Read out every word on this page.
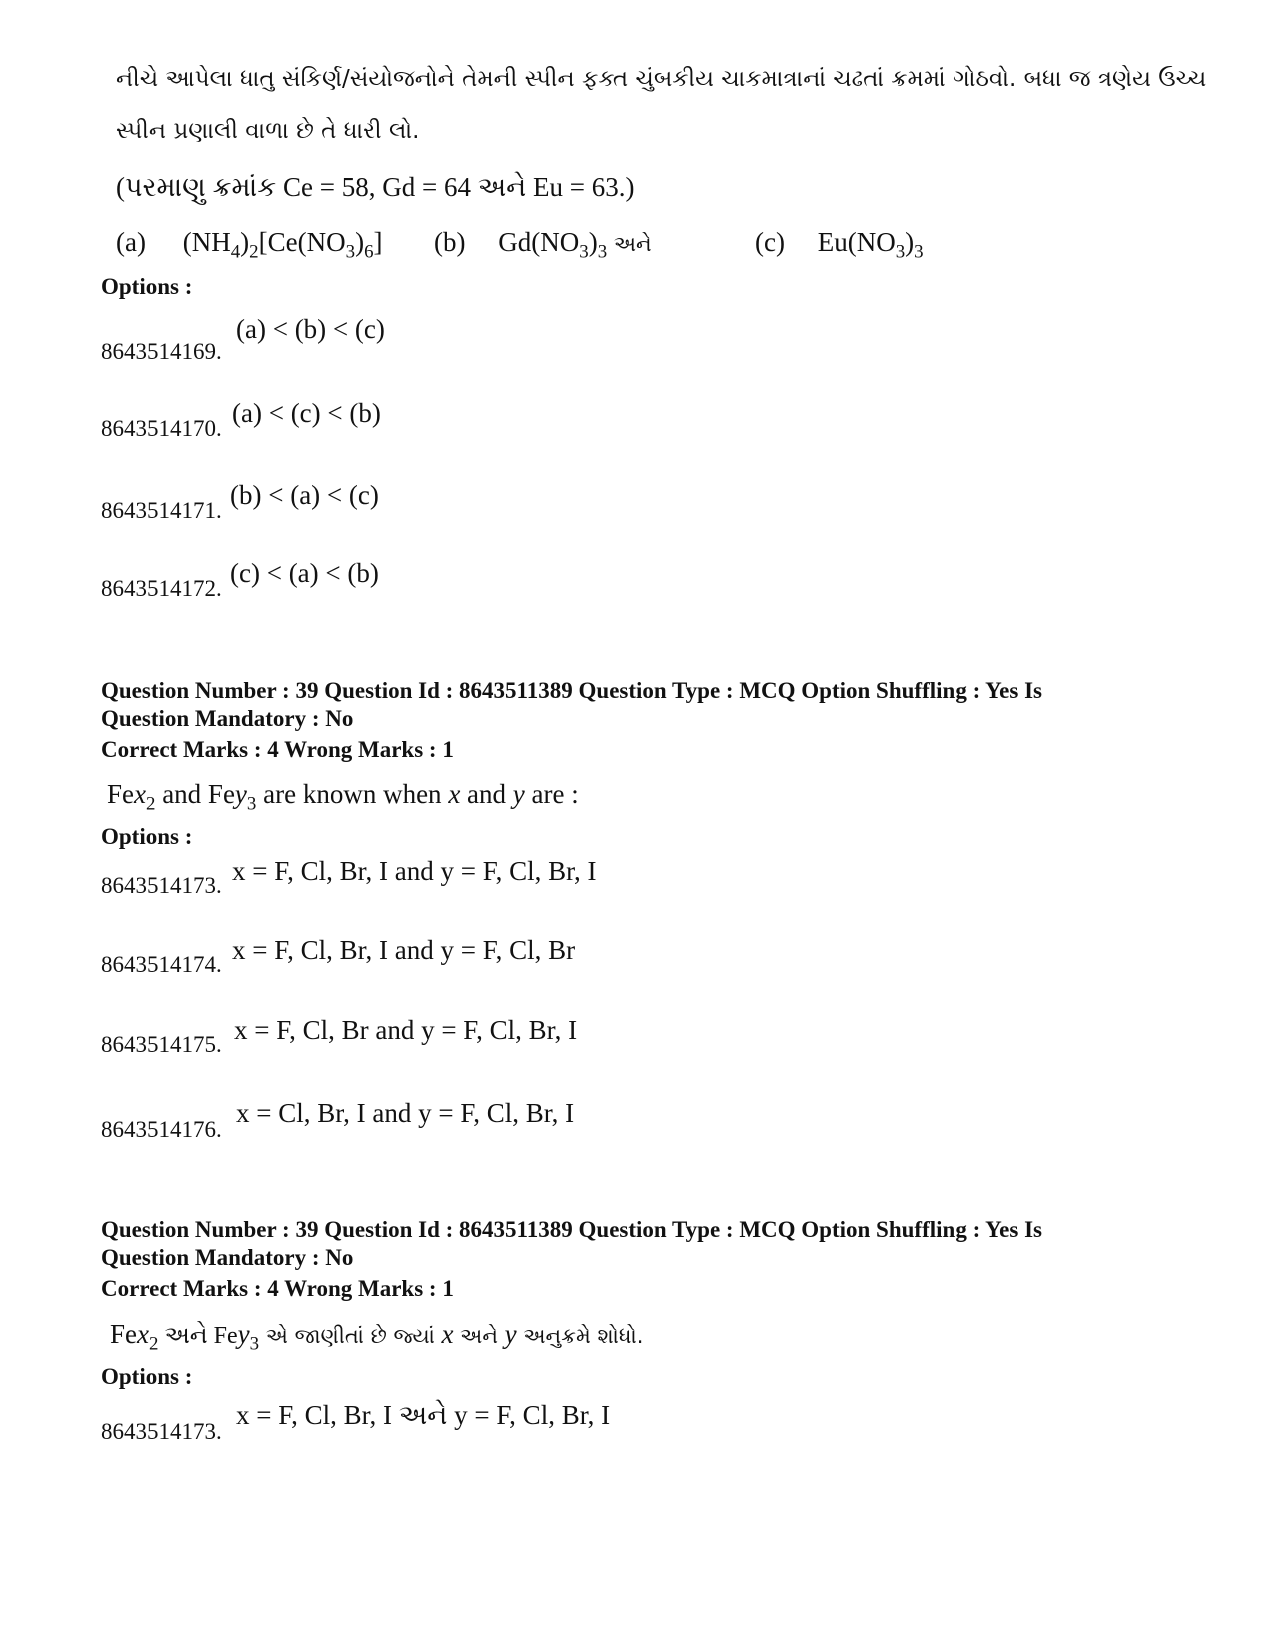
નીચે આપેલા ધાતુ સંકિર્ણ/સંયોજનોને તેમની સ્પીન ફક્ત ચુંબકીય ચાકમાત્રાનાં ચઢતાં ક્રમમાં ગોઠવો. બધા જ ત્રણેય ઉચ્ચ
સ્પીન પ્રણાલી વાળા છે તે ધારી લો.
(પરમાણુ ક્રમાંક Ce = 58, Gd = 64 અને Eu = 63.)
(a) $(NH_4)_2[Ce(NO_3)_6]$ (b) $Gd(NO_3)_3$ અને	(c) $Eu(NO_3)_3$
Options :
8643514169.
(a) < (b) < (c)
8643514170.
(a) < (c) < (b)
8643514171.
(b) < (a) < (c)
8643514172.
(c) < (a) < (b)
Question Number : 39 Question Id : 8643511389 Question Type : MCQ Option Shuffling : Yes Is
Question Mandatory : No
Correct Marks : 4 Wrong Marks : 1
Fex$_2$ and Fey$_3$ are known when x and y are :
Options :
8643514173. x = F, Cl, Br, I and y = F, Cl, Br, I
8643514174. x = F, Cl, Br, I and y = F, Cl, Br
8643514175. x = F, Cl, Br and y = F, Cl, Br, I
8643514176.
x = Cl, Br, I and y = F, Cl, Br, I
Question Number : 39 Question Id : 8643511389 Question Type : MCQ Option Shuffling : Yes Is
Question Mandatory : No
Correct Marks : 4 Wrong Marks : 1
Fex$_2$ અને Fey$_3$ એ જાણીતાં છે જ્યાં x અને y અનુક્રમે શોધો.
Options :
8643514173.
x = F, Cl, Br, I અને y = F, Cl, Br, I
